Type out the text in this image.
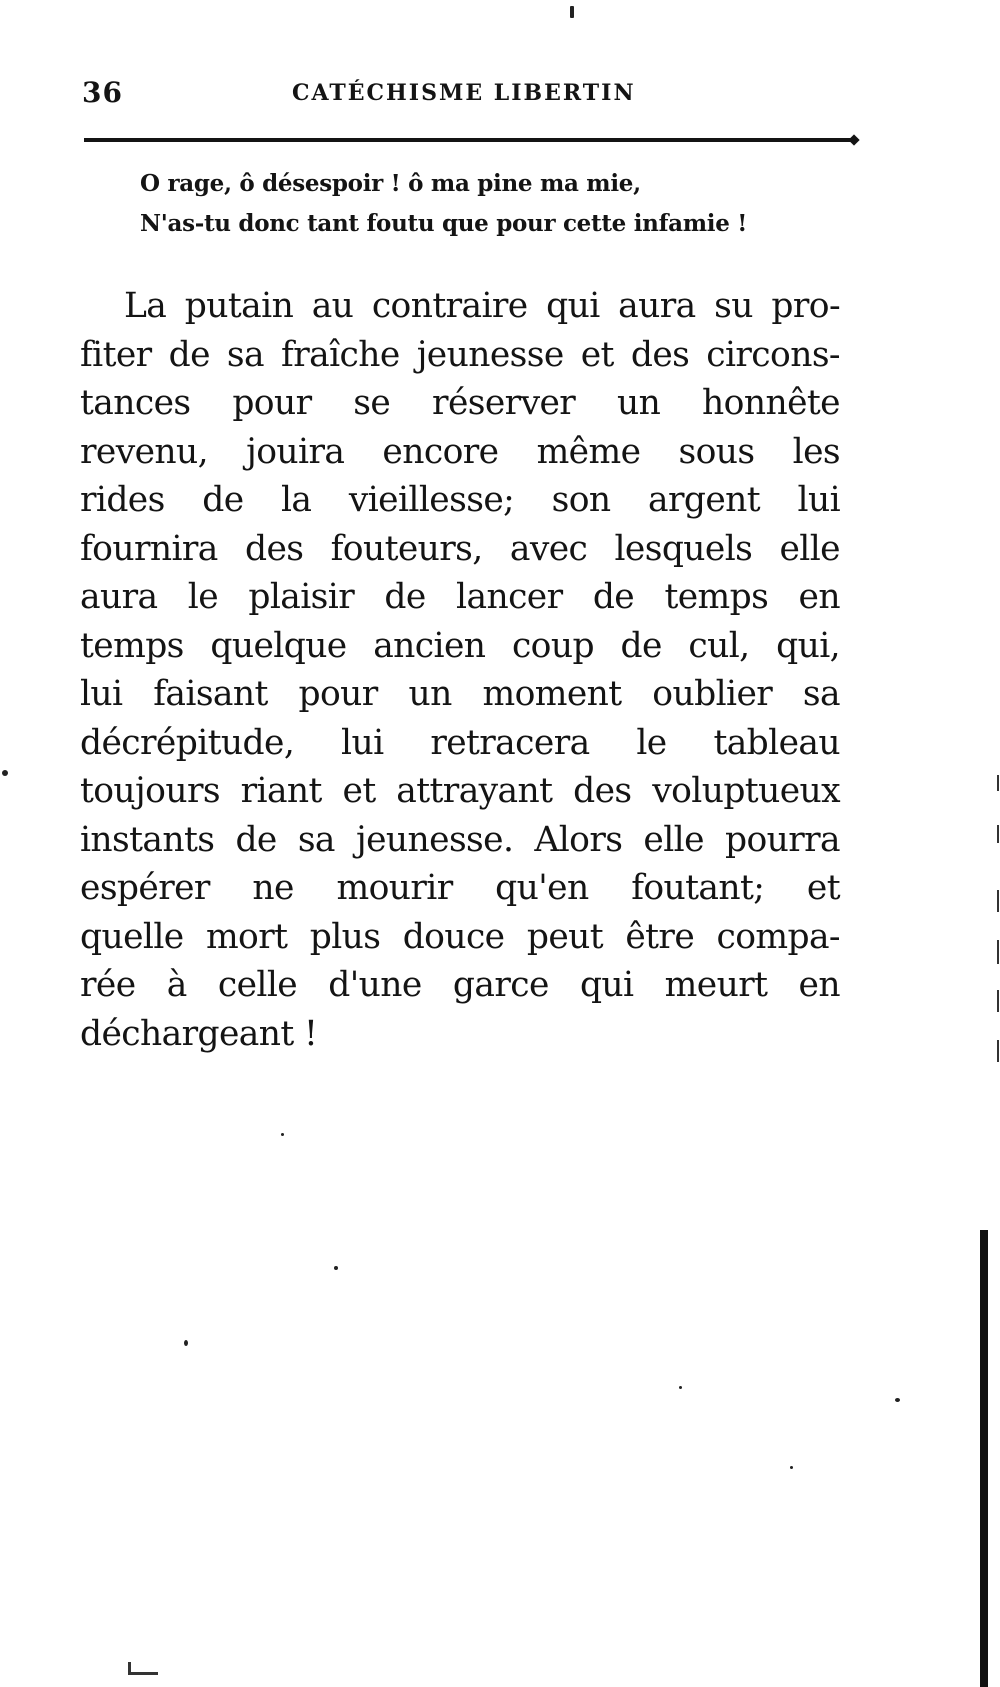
36	CATÉCHISME LIBERTIN
O rage, ô désespoir ! ô ma pine ma mie,
N'as-tu donc tant foutu que pour cette infamie !
La putain au contraire qui aura su pro-
fiter de sa fraîche jeunesse et des circons-
tances pour se réserver un honnête
revenu, jouira encore même sous les
rides de la vieillesse; son argent lui
fournira des fouteurs, avec lesquels elle
aura le plaisir de lancer de temps en
temps quelque ancien coup de cul, qui,
lui faisant pour un moment oublier sa
décrépitude, lui retracera le tableau
toujours riant et attrayant des voluptueux
instants de sa jeunesse. Alors elle pourra
espérer ne mourir qu'en foutant; et
quelle mort plus douce peut être compa-
rée à celle d'une garce qui meurt en
déchargeant !
